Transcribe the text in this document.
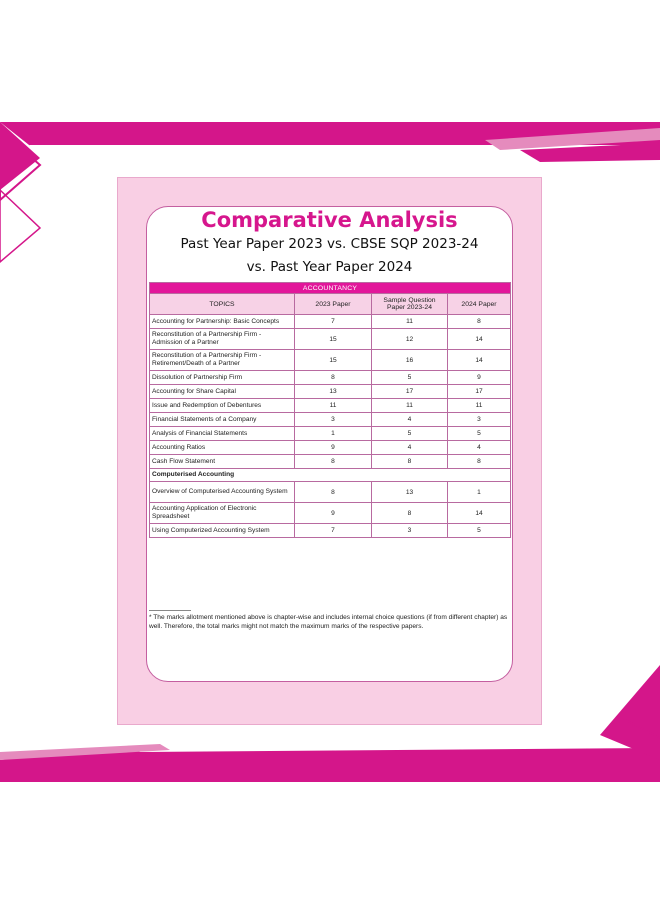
Comparative Analysis
Past Year Paper 2023 vs. CBSE SQP 2023-24
vs. Past Year Paper 2024
ACCOUNTANCY			
TOPICS	2023 Paper	Sample Question Paper 2023-24	2024 Paper
Accounting for Partnership: Basic Concepts	7	11	8
Reconstitution of a Partnership Firm - Admission of a Partner	15	12	14
Reconstitution of a Partnership Firm - Retirement/Death of a Partner	15	16	14
Dissolution of Partnership Firm	8	5	9
Accounting for Share Capital	13	17	17
Issue and Redemption of Debentures	11	11	11
Financial Statements of a Company	3	4	3
Analysis of Financial Statements	1	5	5
Accounting Ratios	9	4	4
Cash Flow Statement	8	8	8
Computerised Accounting			
Overview of Computerised Accounting System	8	13	1
Accounting Application of Electronic Spreadsheet	9	8	14
Using Computerized Accounting System	7	3	5
* The marks allotment mentioned above is chapter-wise and includes internal choice questions (if from different chapter) as well. Therefore, the total marks might not match the maximum marks of the respective papers.
